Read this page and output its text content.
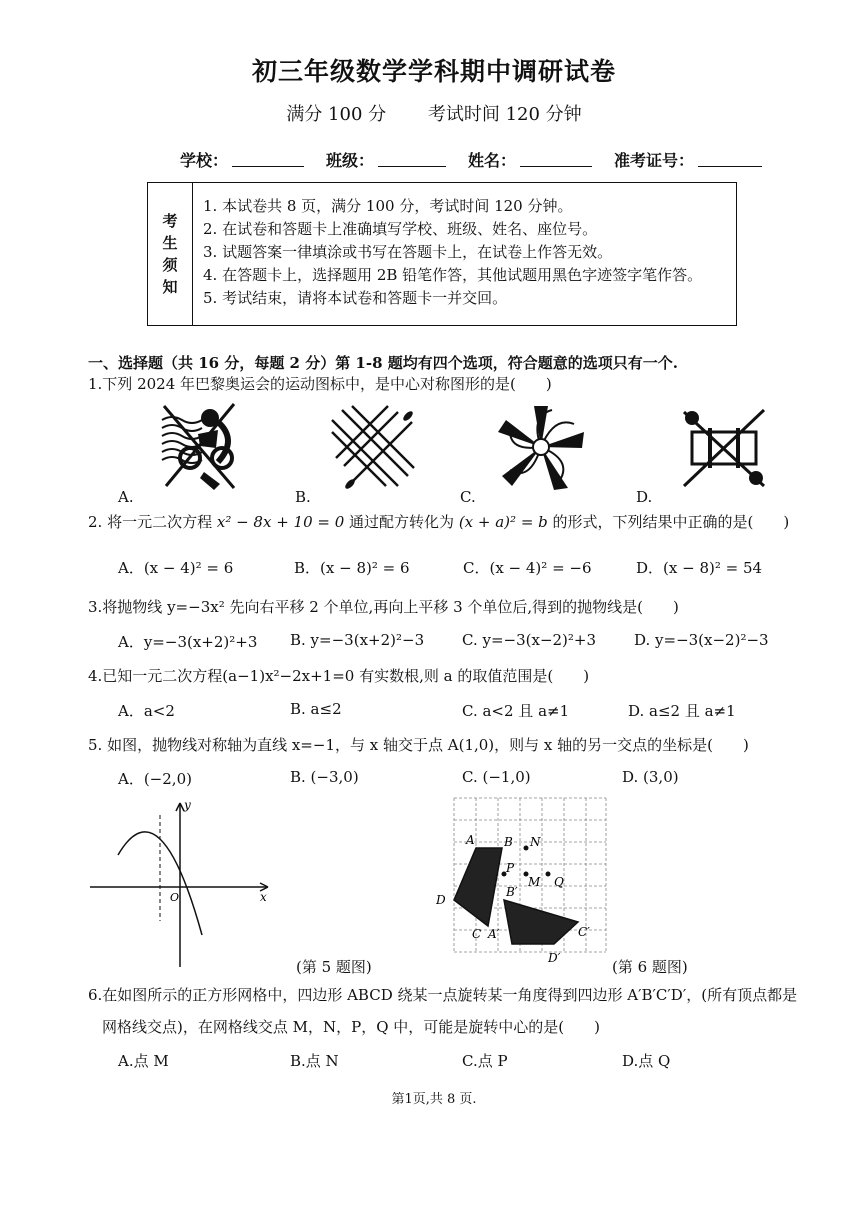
初三年级数学学科期中调研试卷
满分 100 分 考试时间 120 分钟
学校：	班级：	姓名：	准考证号：
考
生
须
知
1. 本试卷共 8 页，满分 100 分，考试时间 120 分钟。
2. 在试卷和答题卡上准确填写学校、班级、姓名、座位号。
3. 试题答案一律填涂或书写在答题卡上，在试卷上作答无效。
4. 在答题卡上，选择题用 2B 铅笔作答，其他试题用黑色字迹签字笔作答。
5. 考试结束，请将本试卷和答题卡一并交回。
一、选择题（共 16 分，每题 2 分）第 1-8 题均有四个选项，符合题意的选项只有一个.
1.下列 2024 年巴黎奥运会的运动图标中，是中心对称图形的是(　　)
A.	B.	C.	D.
2. 将一元二次方程 x² − 8x + 10 = 0 通过配方转化为 (x + a)² = b 的形式，下列结果中正确的是(　　)
A．(x − 4)² = 6	B．(x − 8)² = 6	C．(x − 4)² = −6	D．(x − 8)² = 54
3.将抛物线 y=−3x² 先向右平移 2 个单位,再向上平移 3 个单位后,得到的抛物线是(　　)
A．y=−3(x+2)²+3 B. y=−3(x+2)²−3	C. y=−3(x−2)²+3	D. y=−3(x−2)²−3
4.已知一元二次方程(a−1)x²−2x+1=0 有实数根,则 a 的取值范围是(　　)
A．a<2	B. a≤2	C. a<2 且 a≠1	D. a≤2 且 a≠1
5. 如图，抛物线对称轴为直线 x=−1，与 x 轴交于点 A(1,0)，则与 x 轴的另一交点的坐标是(　　)
A．(−2,0)	B. (−3,0)	C. (−1,0)	D. (3,0)
y
x
O
(第 5 题图)
A B N
P
M Q
B′
D
C A′	C′
D′	(第 6 题图)
6.在如图所示的正方形网格中，四边形 ABCD 绕某一点旋转某一角度得到四边形 A′B′C′D′，(所有顶点都是
网格线交点)，在网格线交点 M，N，P，Q 中，可能是旋转中心的是(　　)
A.点 M	B.点 N	C.点 P	D.点 Q
第1页,共 8 页.
